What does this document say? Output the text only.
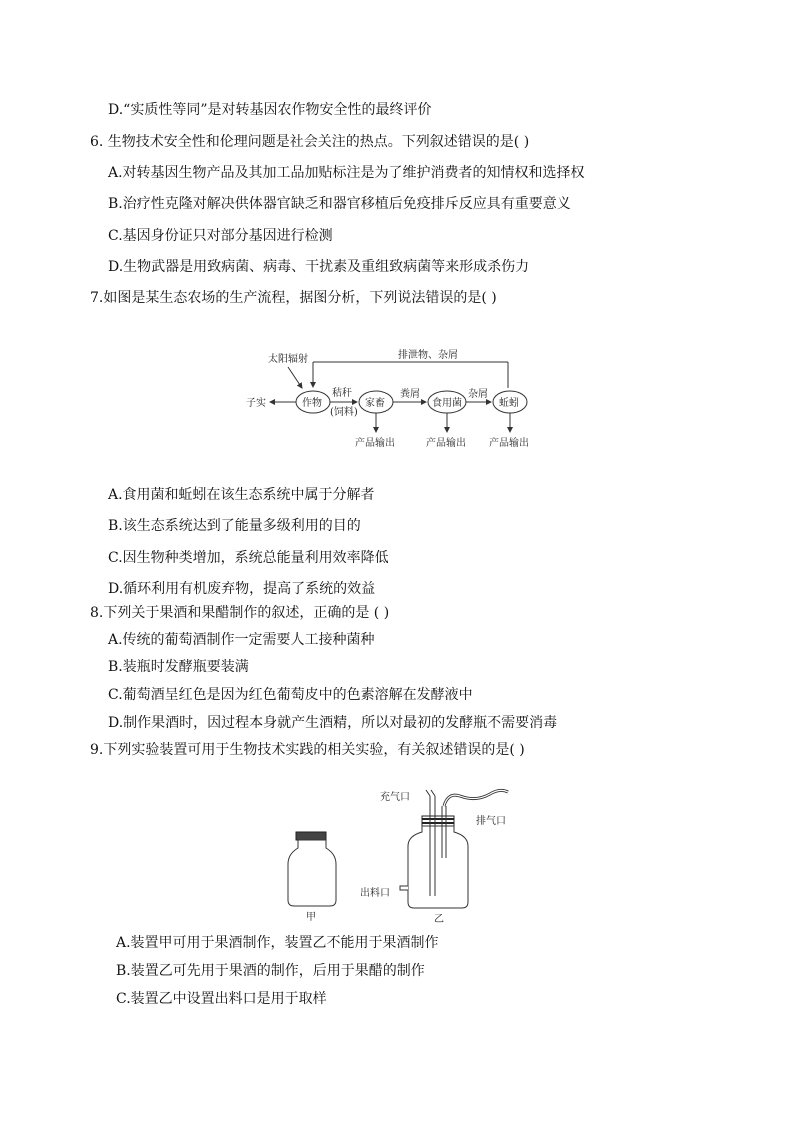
D.“实质性等同”是对转基因农作物安全性的最终评价
6. 生物技术安全性和伦理问题是社会关注的热点。下列叙述错误的是( )
A.对转基因生物产品及其加工品加贴标注是为了维护消费者的知情权和选择权
B.治疗性克隆对解决供体器官缺乏和器官移植后免疫排斥反应具有重要意义
C.基因身份证只对部分基因进行检测
D.生物武器是用致病菌、病毒、干扰素及重组致病菌等来形成杀伤力
7.如图是某生态农场的生产流程，据图分析，下列说法错误的是( )
太阳辐射	排泄物、杂屑
作物	家畜	食用菌	蚯蚓
子实
秸秆
(饲料)
粪屑	杂屑
产品输出	产品输出 产品输出
A.食用菌和蚯蚓在该生态系统中属于分解者
B.该生态系统达到了能量多级利用的目的
C.因生物种类增加，系统总能量利用效率降低
D.循环利用有机废弃物，提高了系统的效益
8.下列关于果酒和果醋制作的叙述，正确的是 ( )
A.传统的葡萄酒制作一定需要人工接种菌种
B.装瓶时发酵瓶要装满
C.葡萄酒呈红色是因为红色葡萄皮中的色素溶解在发酵液中
D.制作果酒时，因过程本身就产生酒精，所以对最初的发酵瓶不需要消毒
9.下列实验装置可用于生物技术实践的相关实验，有关叙述错误的是( )
甲
充气口
排气口
出料口
乙
A.装置甲可用于果酒制作，装置乙不能用于果酒制作
B.装置乙可先用于果酒的制作，后用于果醋的制作
C.装置乙中设置出料口是用于取样
